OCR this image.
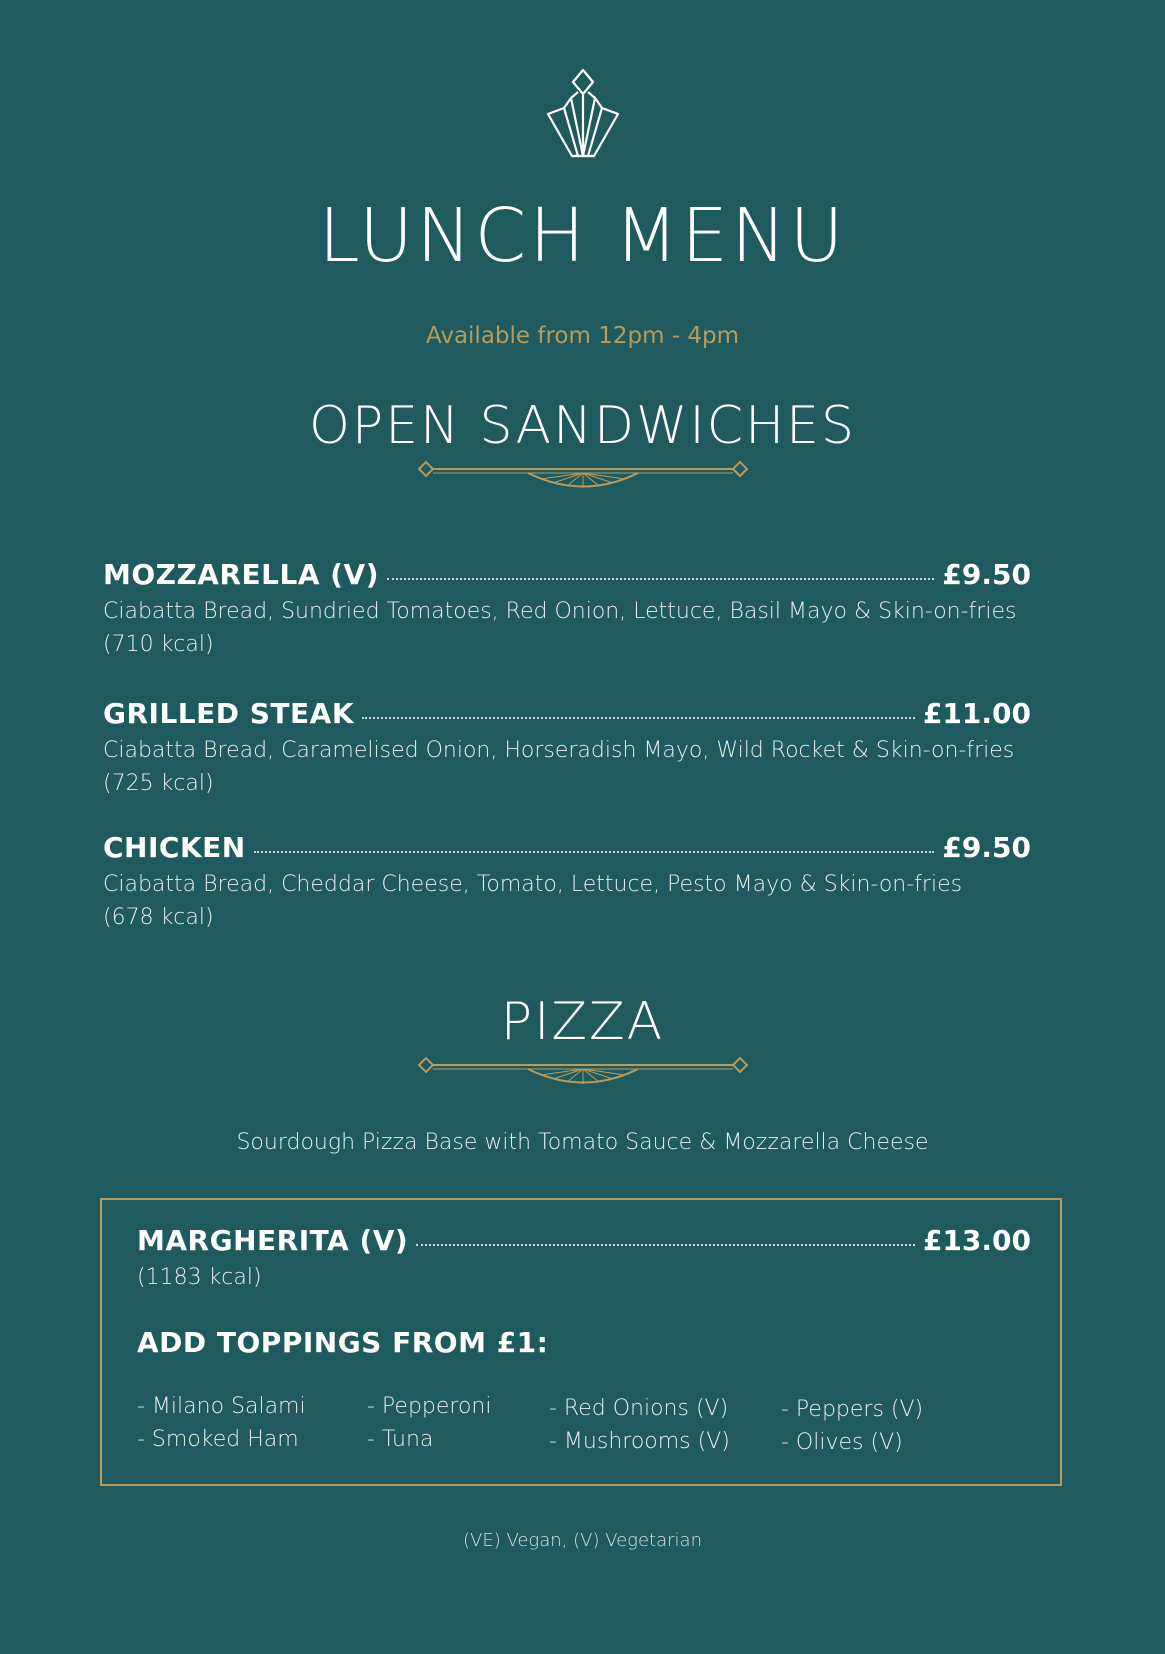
LUNCH MENU
Available from 12pm - 4pm
OPEN SANDWICHES
MOZZARELLA (V)	£9.50
Ciabatta Bread, Sundried Tomatoes, Red Onion, Lettuce, Basil Mayo & Skin-on-fries
(710 kcal)
GRILLED STEAK	£11.00
Ciabatta Bread, Caramelised Onion, Horseradish Mayo, Wild Rocket & Skin-on-fries
(725 kcal)
CHICKEN	£9.50
Ciabatta Bread, Cheddar Cheese, Tomato, Lettuce, Pesto Mayo & Skin-on-fries
(678 kcal)
PIZZA
Sourdough Pizza Base with Tomato Sauce & Mozzarella Cheese
MARGHERITA (V)	£13.00
(1183 kcal)
ADD TOPPINGS FROM £1:
- Milano Salami
- Smoked Ham
- Pepperoni
- Tuna
- Red Onions (V)
- Mushrooms (V)
- Peppers (V)
- Olives (V)
(VE) Vegan, (V) Vegetarian
